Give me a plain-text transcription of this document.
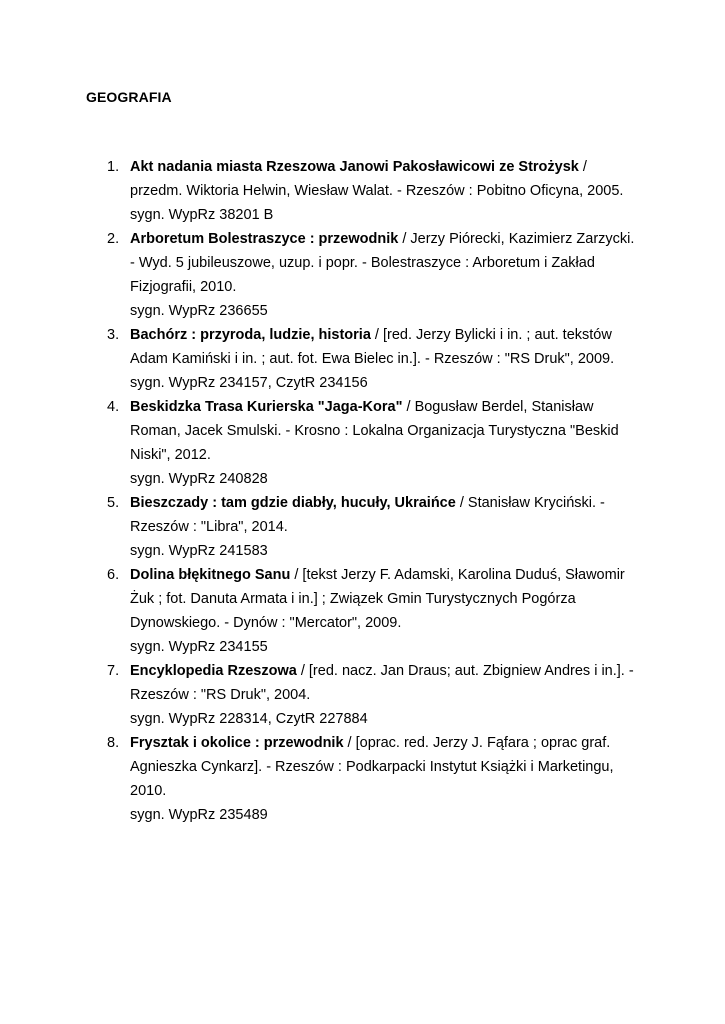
GEOGRAFIA
1. Akt nadania miasta Rzeszowa Janowi Pakosławicowi ze Strożysk / przedm. Wiktoria Helwin, Wiesław Walat. - Rzeszów : Pobitno Oficyna, 2005.
sygn. WypRz 38201 B
2. Arboretum Bolestraszyce : przewodnik / Jerzy Piórecki, Kazimierz Zarzycki. - Wyd. 5 jubileuszowe, uzup. i popr. - Bolestraszyce : Arboretum i Zakład Fizjografii, 2010.
sygn. WypRz 236655
3. Bachórz : przyroda, ludzie, historia / [red. Jerzy Bylicki i in. ; aut. tekstów Adam Kamiński i in. ; aut. fot. Ewa Bielec in.]. - Rzeszów : "RS Druk", 2009.
sygn. WypRz 234157, CzytR 234156
4. Beskidzka Trasa Kurierska "Jaga-Kora" / Bogusław Berdel, Stanisław Roman, Jacek Smulski. - Krosno : Lokalna Organizacja Turystyczna "Beskid Niski", 2012.
sygn. WypRz 240828
5. Bieszczady : tam gdzie diabły, hucuły, Ukraińce / Stanisław Kryciński. - Rzeszów : "Libra", 2014.
sygn. WypRz 241583
6. Dolina błękitnego Sanu / [tekst Jerzy F. Adamski, Karolina Duduś, Sławomir Żuk ; fot. Danuta Armata i in.] ; Związek Gmin Turystycznych Pogórza Dynowskiego. - Dynów : "Mercator", 2009.
sygn. WypRz 234155
7. Encyklopedia Rzeszowa / [red. nacz. Jan Draus; aut. Zbigniew Andres i in.]. - Rzeszów : "RS Druk", 2004.
sygn. WypRz 228314, CzytR 227884
8. Frysztak i okolice : przewodnik / [oprac. red. Jerzy J. Fąfara ; oprac graf. Agnieszka Cynkarz]. - Rzeszów : Podkarpacki Instytut Książki i Marketingu, 2010.
sygn. WypRz 235489
